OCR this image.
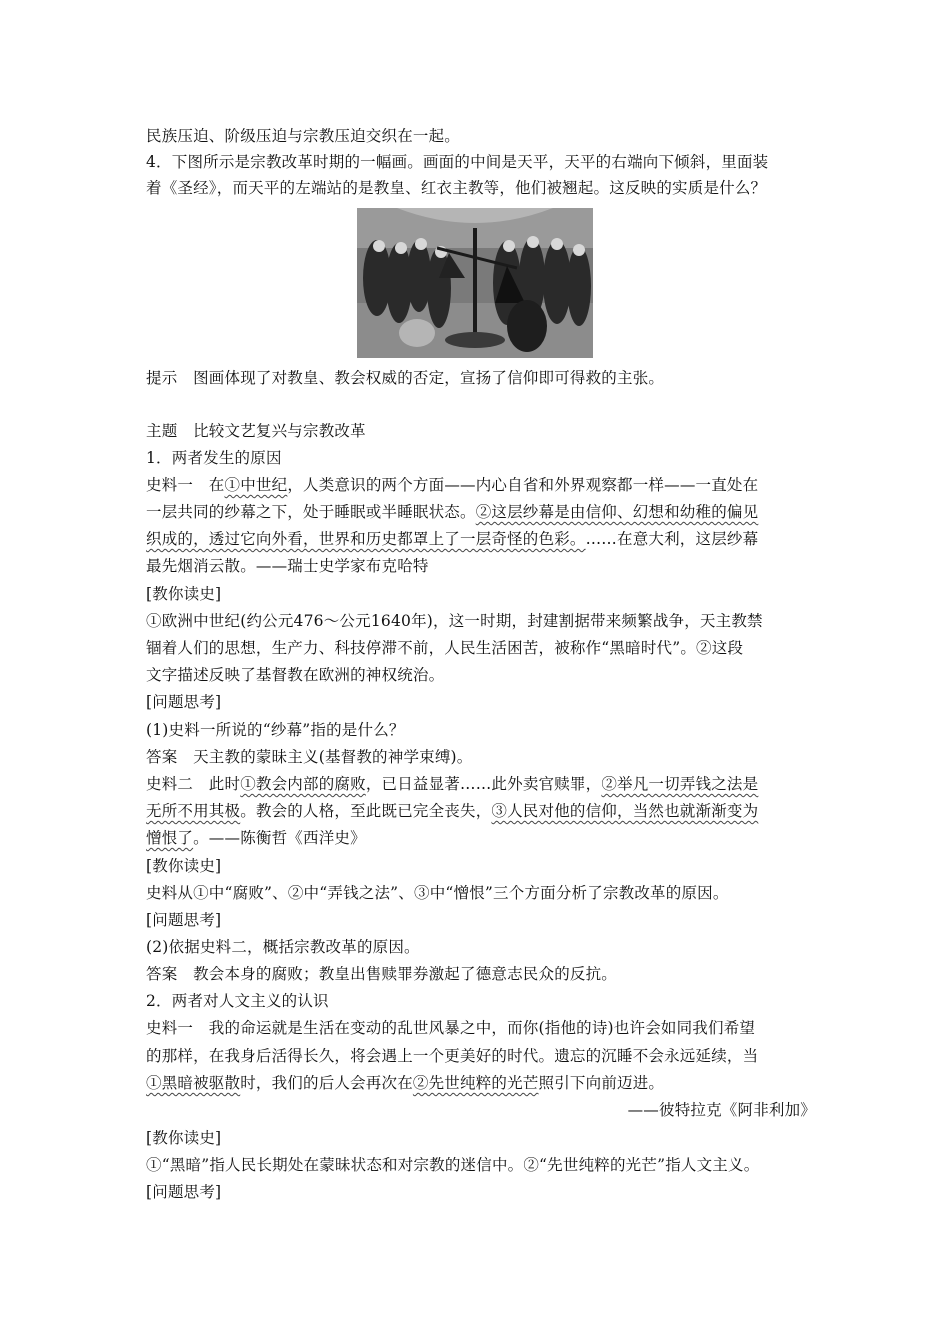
民族压迫、阶级压迫与宗教压迫交织在一起。
4．下图所示是宗教改革时期的一幅画。画面的中间是天平，天平的右端向下倾斜，里面装
着《圣经》，而天平的左端站的是教皇、红衣主教等，他们被翘起。这反映的实质是什么？
提示　图画体现了对教皇、教会权威的否定，宣扬了信仰即可得救的主张。
主题　比较文艺复兴与宗教改革
1．两者发生的原因
史料一　在①中世纪，人类意识的两个方面——内心自省和外界观察都一样——一直处在
一层共同的纱幕之下，处于睡眠或半睡眠状态。②这层纱幕是由信仰、幻想和幼稚的偏见
织成的，透过它向外看，世界和历史都罩上了一层奇怪的色彩。……在意大利，这层纱幕
最先烟消云散。——瑞士史学家布克哈特
[教你读史]
①欧洲中世纪(约公元476～公元1640年)，这一时期，封建割据带来频繁战争，天主教禁
锢着人们的思想，生产力、科技停滞不前，人民生活困苦，被称作“黑暗时代”。②这段
文字描述反映了基督教在欧洲的神权统治。
[问题思考]
(1)史料一所说的“纱幕”指的是什么？
答案　天主教的蒙昧主义(基督教的神学束缚)。
史料二　此时①教会内部的腐败，已日益显著……此外卖官赎罪，②举凡一切弄钱之法是
无所不用其极。教会的人格，至此既已完全丧失，③人民对他的信仰，当然也就渐渐变为
憎恨了。——陈衡哲《西洋史》
[教你读史]
史料从①中“腐败”、②中“弄钱之法”、③中“憎恨”三个方面分析了宗教改革的原因。
[问题思考]
(2)依据史料二，概括宗教改革的原因。
答案　教会本身的腐败；教皇出售赎罪券激起了德意志民众的反抗。
2．两者对人文主义的认识
史料一　我的命运就是生活在变动的乱世风暴之中，而你(指他的诗)也许会如同我们希望
的那样，在我身后活得长久，将会遇上一个更美好的时代。遗忘的沉睡不会永远延续，当
①黑暗被驱散时，我们的后人会再次在②先世纯粹的光芒照引下向前迈进。
——彼特拉克《阿非利加》
[教你读史]
①“黑暗”指人民长期处在蒙昧状态和对宗教的迷信中。②“先世纯粹的光芒”指人文主义。
[问题思考]
